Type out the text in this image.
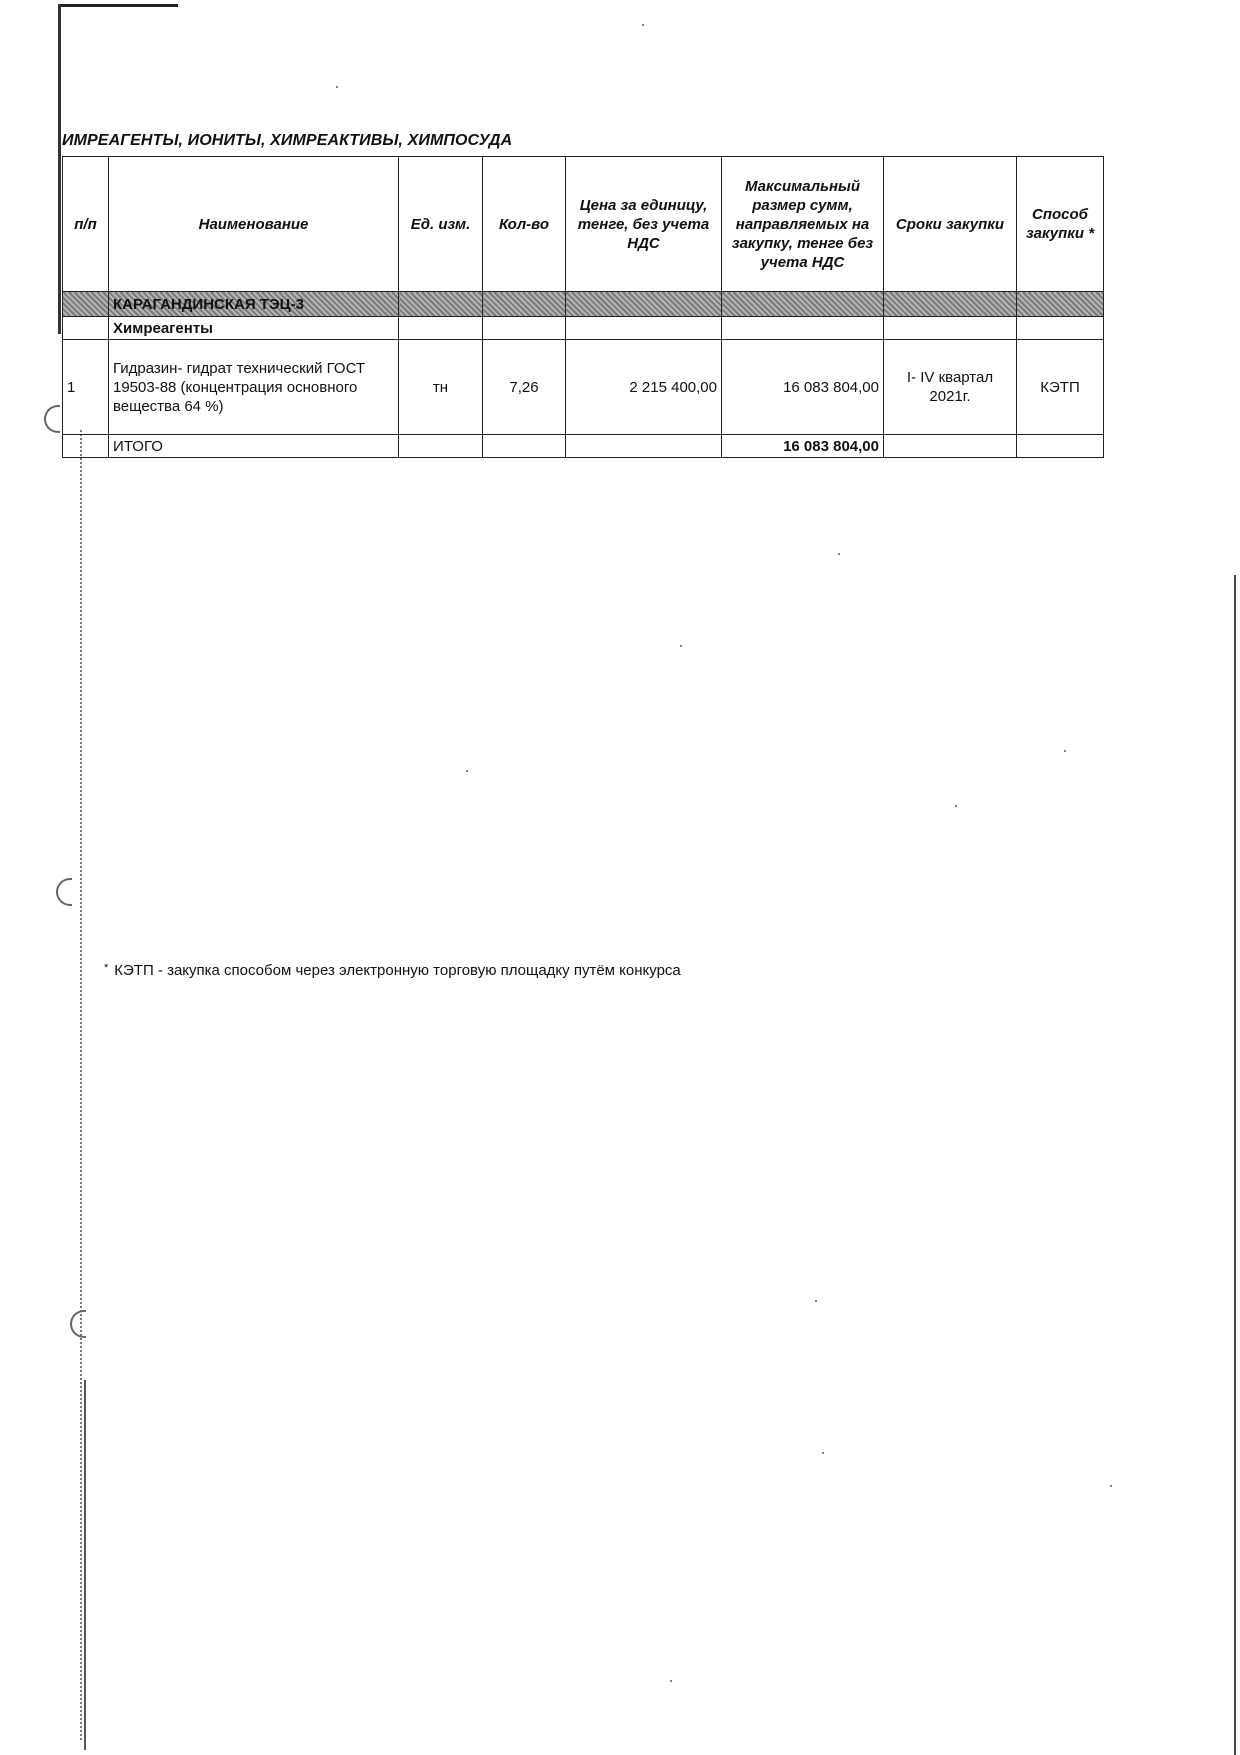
ИМРЕАГЕНТЫ, ИОНИТЫ, ХИМРЕАКТИВЫ, ХИМПОСУДА
п/п	Наименование	Ед. изм.	Кол-во	Цена за единицу, тенге, без учета НДС	Максимальный размер сумм, направляемых на закупку, тенге без учета НДС	Сроки закупки	Способ закупки *
	КАРАГАНДИНСКАЯ ТЭЦ-3						
	Химреагенты						
1	Гидразин- гидрат технический ГОСТ 19503-88 (концентрация основного вещества 64 %)	тн	7,26	2 215 400,00	16 083 804,00	I- IV квартал 2021г.	КЭТП
	ИТОГО				16 083 804,00		
* КЭТП - закупка способом через электронную торговую площадку путём конкурса
